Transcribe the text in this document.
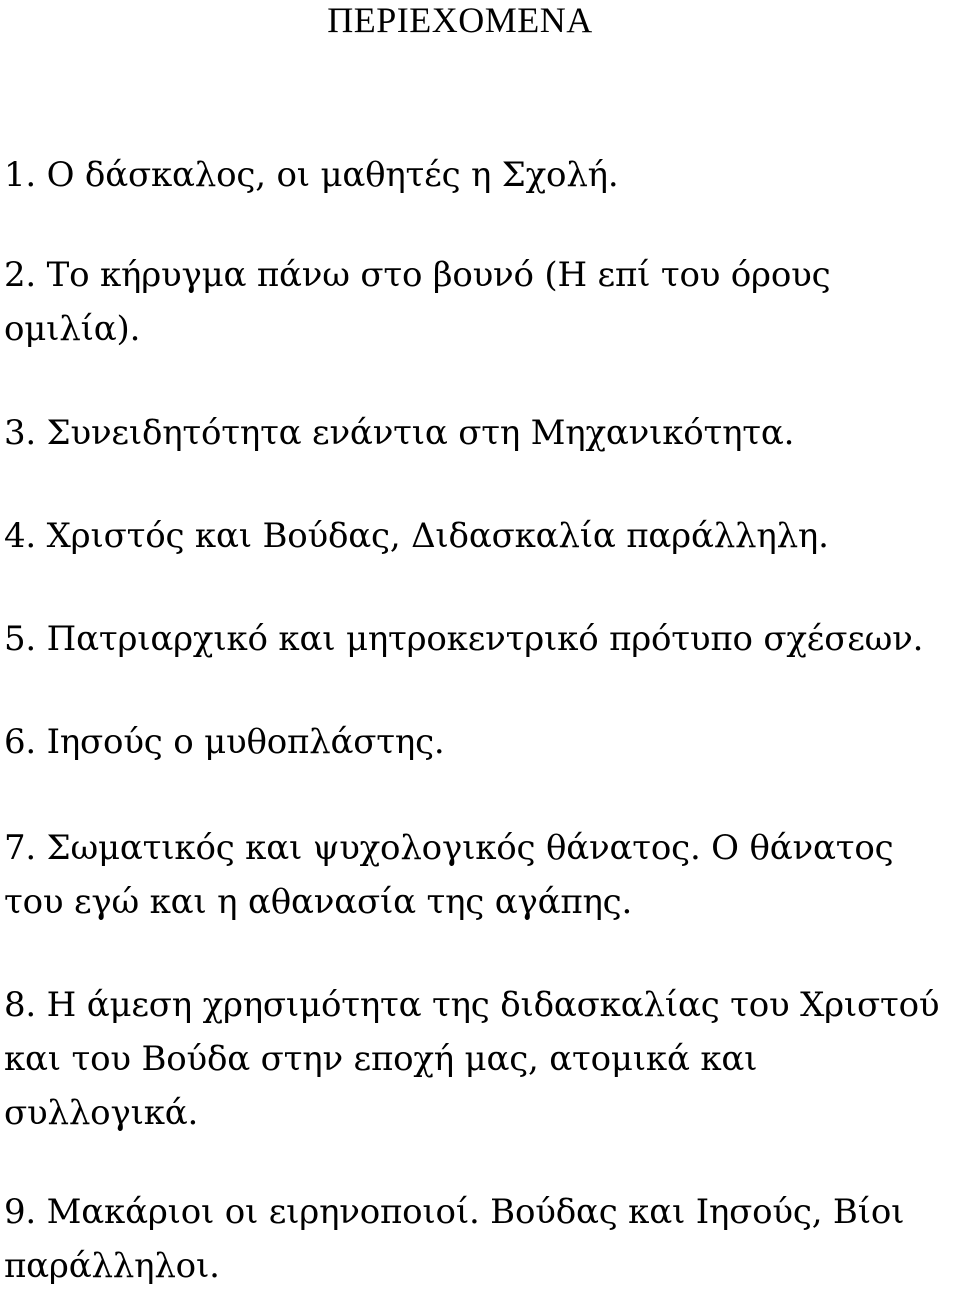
ΠΕΡΙΕΧΟΜΕΝΑ
1. Ο δάσκαλος, οι μαθητές η Σχολή.
2. Το κήρυγμα πάνω στο βουνό (Η επί του όρους
ομιλία).
3. Συνειδητότητα ενάντια στη Μηχανικότητα.
4. Χριστός και Βούδας, Διδασκαλία παράλληλη.
5. Πατριαρχικό και μητροκεντρικό πρότυπο σχέσεων.
6. Ιησούς ο μυθοπλάστης.
7. Σωματικός και ψυχολογικός θάνατος. Ο θάνατος
του εγώ και η αθανασία της αγάπης.
8. Η άμεση χρησιμότητα της διδασκαλίας του Χριστού
και του Βούδα στην εποχή μας, ατομικά και
συλλογικά.
9. Μακάριοι οι ειρηνοποιοί. Βούδας και Ιησούς, Βίοι
παράλληλοι.
